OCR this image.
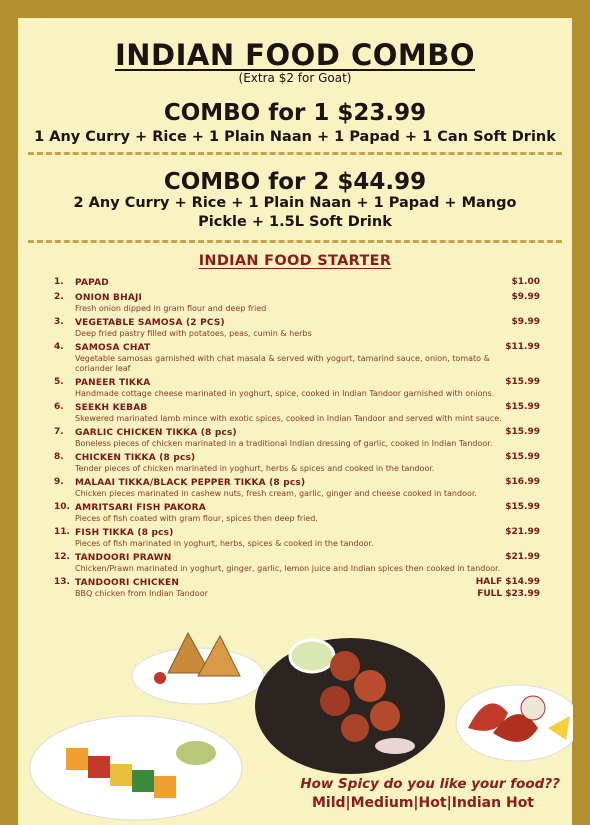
INDIAN FOOD COMBO
(Extra $2 for Goat)
COMBO for 1 $23.99
1 Any Curry + Rice + 1 Plain Naan + 1 Papad + 1 Can Soft Drink
COMBO for 2 $44.99
2 Any Curry + Rice + 1 Plain Naan + 1 Papad + Mango Pickle + 1.5L Soft Drink
INDIAN FOOD STARTER
1. PAPAD	$1.00
2. ONION BHAJI	$9.99
Fresh onion dipped in gram flour and deep fried
3. VEGETABLE SAMOSA (2 PCS)	$9.99
Deep fried pastry filled with potatoes, peas, cumin & herbs
4. SAMOSA CHAT	$11.99
Vegetable samosas garnished with chat masala & served with yogurt, tamarind sauce, onion, tomato & coriander leaf
5. PANEER TIKKA	$15.99
Handmade cottage cheese marinated in yoghurt, spice, cooked in Indian Tandoor garnished with onions.
6. SEEKH KEBAB	$15.99
Skewered marinated lamb mince with exotic spices, cooked in Indian Tandoor and served with mint sauce.
7. GARLIC CHICKEN TIKKA (8 pcs)	$15.99
Boneless pieces of chicken marinated in a traditional Indian dressing of garlic, cooked in Indian Tandoor.
8. CHICKEN TIKKA (8 pcs)	$15.99
Tender pieces of chicken marinated in yoghurt, herbs & spices and cooked in the tandoor.
9. MALAAI TIKKA/BLACK PEPPER TIKKA (8 pcs)	$16.99
Chicken pieces marinated in cashew nuts, fresh cream, garlic, ginger and cheese cooked in tandoor.
10. AMRITSARI FISH PAKORA	$15.99
Pieces of fish coated with gram flour, spices then deep fried.
11. FISH TIKKA (8 pcs)	$21.99
Pieces of fish marinated in yoghurt, herbs, spices & cooked in the tandoor.
12. TANDOORI PRAWN	$21.99
Chicken/Prawn marinated in yoghurt, ginger, garlic, lemon juice and Indian spices then cooked in tandoor.
13. TANDOORI CHICKEN	HALF $14.99
FULL $23.99
BBQ chicken from Indian Tandoor
How Spicy do you like your food??
Mild|Medium|Hot|Indian Hot
